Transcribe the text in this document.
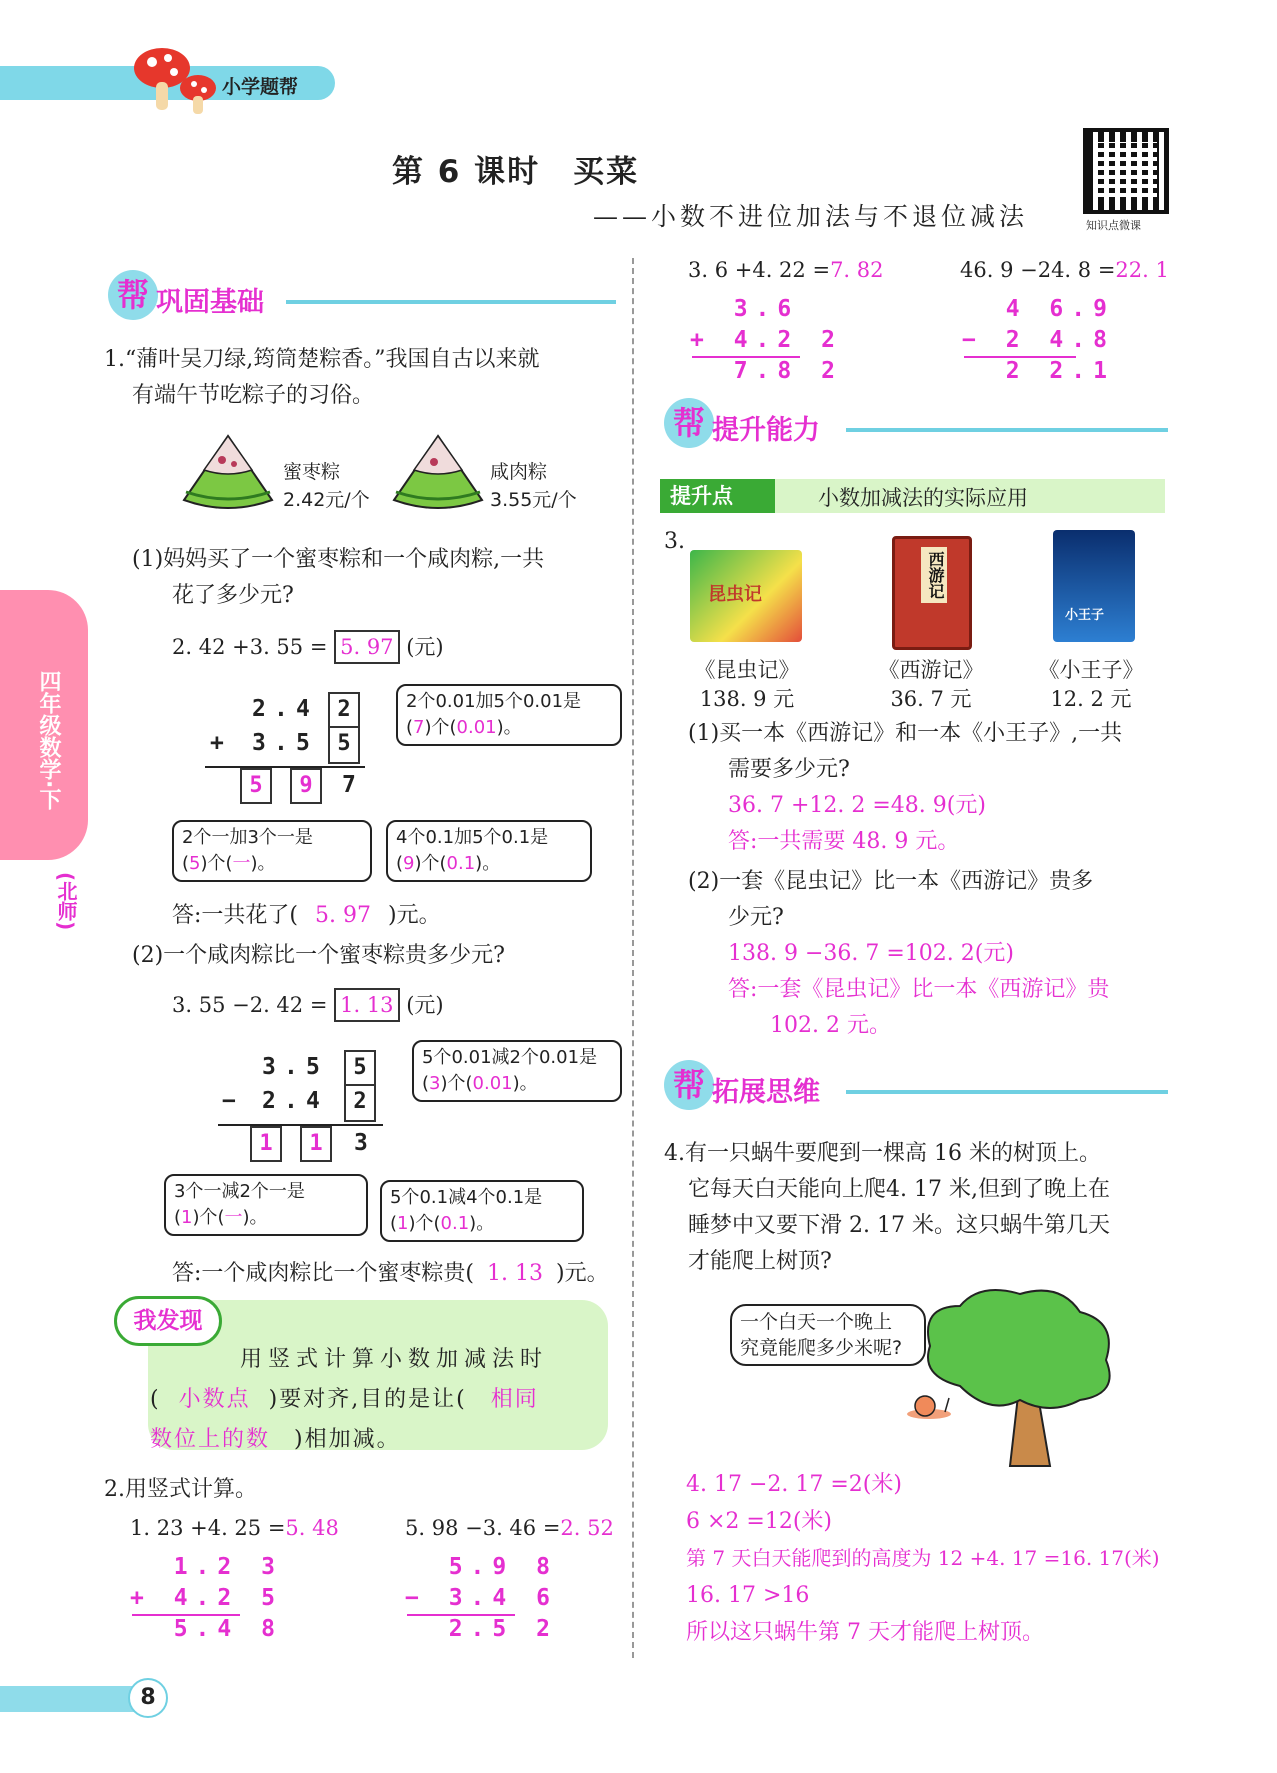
小学题帮
第 6 课时　买菜
——小数不进位加法与不退位减法	知识点微课
四年级数学·下
(北师)
帮 巩固基础
1.“蒲叶吴刀绿,筠筒楚粽香。”我国自古以来就
有端午节吃粽子的习俗。
蜜枣粽
2.42元/个
咸肉粽
3.55元/个
(1)妈妈买了一个蜜枣粽和一个咸肉粽,一共
花了多少元?
2. 42 +3. 55 = 5. 97 (元)
2 . 4	2
+ 3 . 5	5
5	9	7
2个0.01加5个0.01是
(7)个(0.01)。
2个一加3个一是
(5)个(一)。
4个0.1加5个0.1是
(9)个(0.1)。
答:一共花了( 5. 97 )元。
(2)一个咸肉粽比一个蜜枣粽贵多少元?
3. 55 −2. 42 = 1. 13 (元)
3 . 5	5
− 2 . 4	2
1	1	3
5个0.01减2个0.01是
(3)个(0.01)。
3个一减2个一是
(1)个(一)。
5个0.1减4个0.1是
(1)个(0.1)。
答:一个咸肉粽比一个蜜枣粽贵( 1. 13 )元。
我发现
用竖式计算小数加减法时
( 小数点 )要对齐,目的是让( 相同
数位上的数 )相加减。
2.用竖式计算。
1. 23 +4. 25 =5. 48
1.2 3
+ 4.2 5
5.4 8
5. 98 −3. 46 =2. 52
5.9 8
− 3.4 6
2.5 2
3. 6 +4. 22 =7. 82
3.6
+ 4.2 2
7.8 2
46. 9 −24. 8 =22. 1
4 6.9
− 2 4.8
2 2.1
帮 提升能力
提升点	小数加减法的实际应用
3.
昆虫记	西游记
小王子
《昆虫记》
138. 9 元
《西游记》
36. 7 元
《小王子》
12. 2 元
(1)买一本《西游记》和一本《小王子》,一共
需要多少元?
36. 7 +12. 2 =48. 9(元)
答:一共需要 48. 9 元。
(2)一套《昆虫记》比一本《西游记》贵多
少元?
138. 9 −36. 7 =102. 2(元)
答:一套《昆虫记》比一本《西游记》贵
102. 2 元。
帮 拓展思维
4.有一只蜗牛要爬到一棵高 16 米的树顶上。
它每天白天能向上爬4. 17 米,但到了晚上在
睡梦中又要下滑 2. 17 米。这只蜗牛第几天
才能爬上树顶?
一个白天一个晚上
究竟能爬多少米呢?
4. 17 −2. 17 =2(米)
6 ×2 =12(米)
第 7 天白天能爬到的高度为 12 +4. 17 =16. 17(米)
16. 17 >16
所以这只蜗牛第 7 天才能爬上树顶。
8
